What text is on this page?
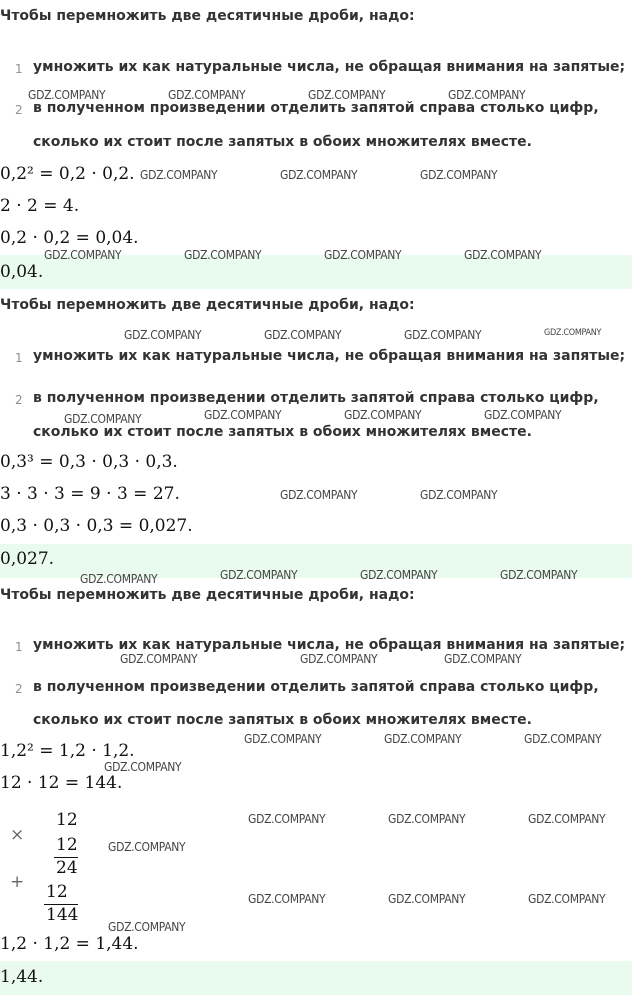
Чтобы перемножить две десятичные дроби, надо:
1 умножить их как натуральные числа, не обращая внимания на запятые;
2 в полученном произведении отделить запятой справа столько цифр,
сколько их стоит после запятых в обоих множителях вместе.
0,2² = 0,2 · 0,2.
2 · 2 = 4.
0,2 · 0,2 = 0,04.
0,04.
Чтобы перемножить две десятичные дроби, надо:
1 умножить их как натуральные числа, не обращая внимания на запятые;
2 в полученном произведении отделить запятой справа столько цифр,
сколько их стоит после запятых в обоих множителях вместе.
0,3³ = 0,3 · 0,3 · 0,3.
3 · 3 · 3 = 9 · 3 = 27.
0,3 · 0,3 · 0,3 = 0,027.
0,027.
Чтобы перемножить две десятичные дроби, надо:
1 умножить их как натуральные числа, не обращая внимания на запятые;
2 в полученном произведении отделить запятой справа столько цифр,
сколько их стоит после запятых в обоих множителях вместе.
1,2² = 1,2 · 1,2.
12 · 12 = 144.
×
12
12
24
+ 12
144
1,2 · 1,2 = 1,44.
1,44.
GDZ.COMPANY	GDZ.COMPANY	GDZ.COMPANY	GDZ.COMPANY
GDZ.COMPANY	GDZ.COMPANY	GDZ.COMPANY
GDZ.COMPANY	GDZ.COMPANY	GDZ.COMPANY	GDZ.COMPANY
GDZ.COMPANY	GDZ.COMPANY	GDZ.COMPANY	GDZ.COMPANY
GDZ.COMPANY	GDZ.COMPANY	GDZ.COMPANY	GDZ.COMPANY
GDZ.COMPANY	GDZ.COMPANY
GDZ.COMPANY	GDZ.COMPANY	GDZ.COMPANY	GDZ.COMPANY
GDZ.COMPANY	GDZ.COMPANY	GDZ.COMPANY
GDZ.COMPANY	GDZ.COMPANY	GDZ.COMPANY
GDZ.COMPANY
GDZ.COMPANY	GDZ.COMPANY	GDZ.COMPANY
GDZ.COMPANY
GDZ.COMPANY	GDZ.COMPANY	GDZ.COMPANY
GDZ.COMPANY
